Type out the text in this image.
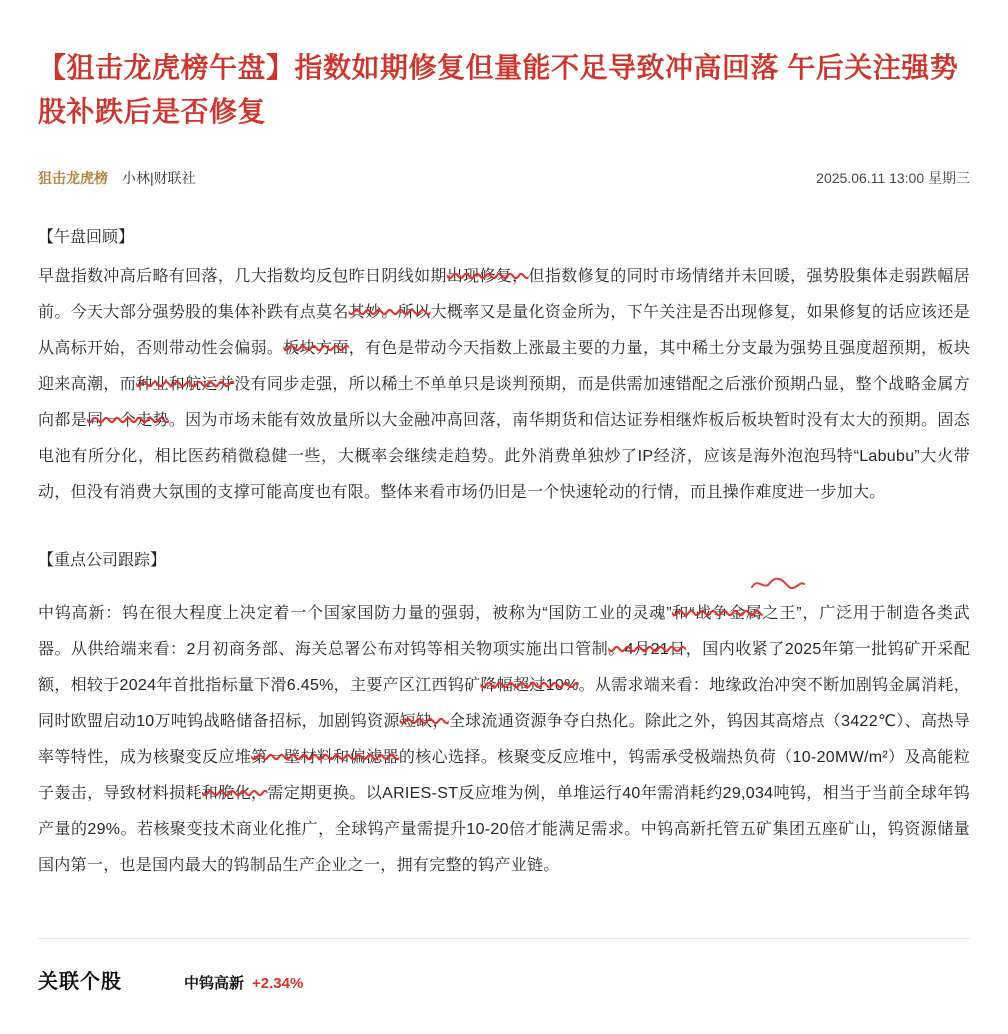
【狙击龙虎榜午盘】指数如期修复但量能不足导致冲高回落 午后关注强势股补跌后是否修复
狙击龙虎榜 小林|财联社	2025.06.11 13:00 星期三
【午盘回顾】

早盘指数冲高后略有回落，几大指数均反包昨日阴线如期出现修复，但指数修复的同时市场情绪并未回暖，强势股集体走弱跌幅居前。今天大部分强势股的集体补跌有点莫名其妙。所以大概率又是量化资金所为，下午关注是否出现修复，如果修复的话应该还是从高标开始，否则带动性会偏弱。板块方面，有色是带动今天指数上涨最主要的力量，其中稀土分支最为强势且强度超预期，板块迎来高潮，而种业和航运并没有同步走强，所以稀土不单单只是谈判预期，而是供需加速错配之后涨价预期凸显，整个战略金属方向都是同一个走势。因为市场未能有效放量所以大金融冲高回落，南华期货和信达证券相继炸板后板块暂时没有太大的预期。固态电池有所分化，相比医药稍微稳健一些，大概率会继续走趋势。此外消费单独炒了IP经济，应该是海外泡泡玛特“Labubu”大火带动，但没有消费大氛围的支撑可能高度也有限。整体来看市场仍旧是一个快速轮动的行情，而且操作难度进一步加大。

【重点公司跟踪】

中钨高新：钨在很大程度上决定着一个国家国防力量的强弱，被称为“国防工业的灵魂”和“战争金属之王”，广泛用于制造各类武器。从供给端来看：2月初商务部、海关总署公布对钨等相关物项实施出口管制。4月21日，国内收紧了2025年第一批钨矿开采配额，相较于2024年首批指标量下滑6.45%，主要产区江西钨矿降幅超过10%。从需求端来看：地缘政治冲突不断加剧钨金属消耗，同时欧盟启动10万吨钨战略储备招标，加剧钨资源短缺，全球流通资源争夺白热化。除此之外，钨因其高熔点（3422℃）、高热导率等特性，成为核聚变反应堆第一壁材料和偏滤器的核心选择。核聚变反应堆中，钨需承受极端热负荷（10-20MW/m²）及高能粒子轰击，导致材料损耗和脆化，需定期更换。以ARIES-ST反应堆为例，单堆运行40年需消耗约29,034吨钨，相当于当前全球年钨产量的29%。若核聚变技术商业化推广，全球钨产量需提升10-20倍才能满足需求。中钨高新托管五矿集团五座矿山，钨资源储量国内第一，也是国内最大的钨制品生产企业之一，拥有完整的钨产业链。

关联个股	中钨高新 +2.34%
